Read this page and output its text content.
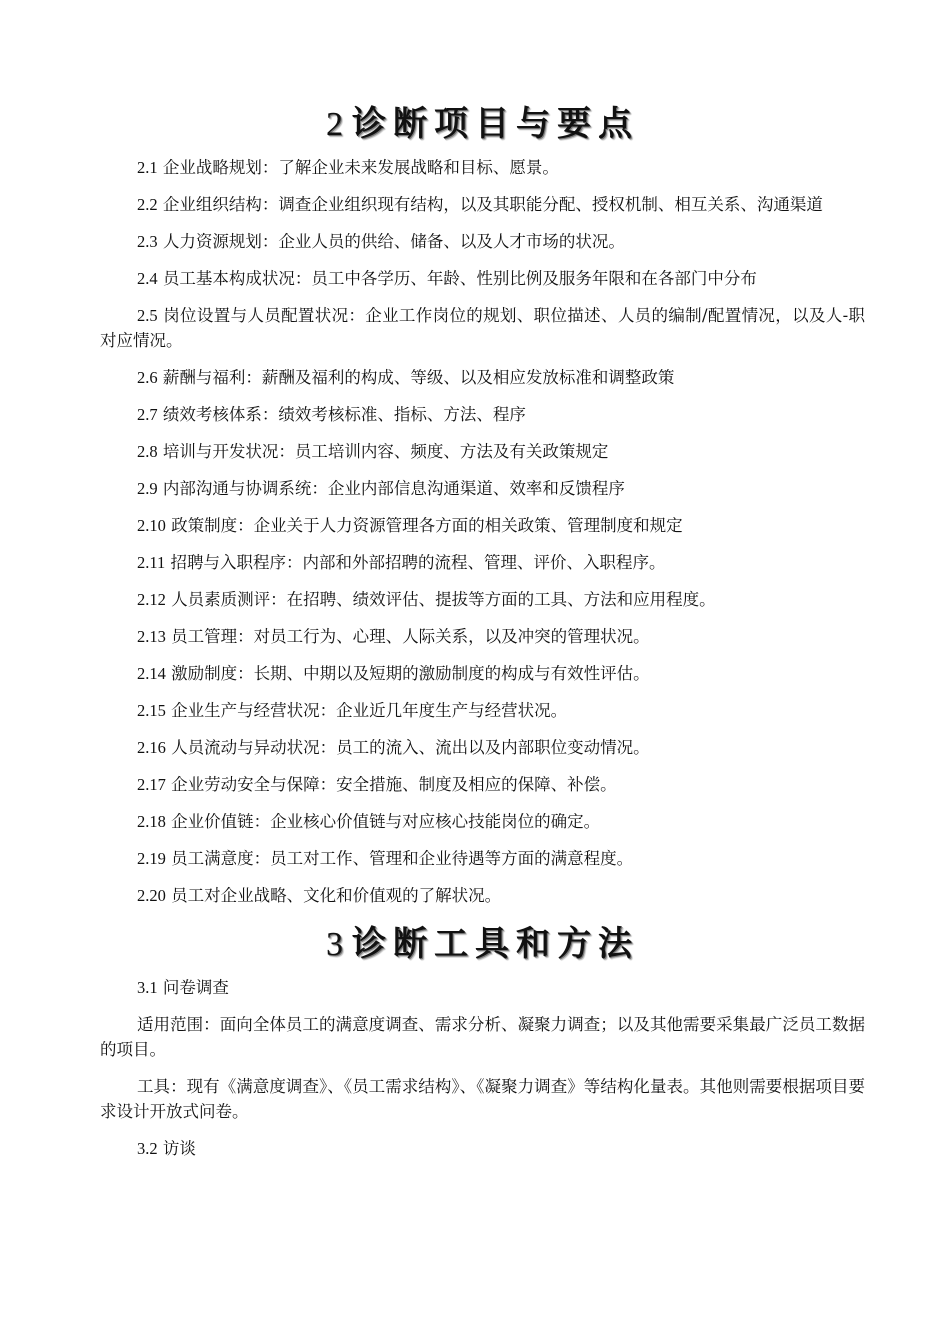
2诊断项目与要点

2.1 企业战略规划：了解企业未来发展战略和目标、愿景。

2.2 企业组织结构：调查企业组织现有结构，以及其职能分配、授权机制、相互关系、沟通渠道

2.3 人力资源规划：企业人员的供给、储备、以及人才市场的状况。

2.4 员工基本构成状况：员工中各学历、年龄、性别比例及服务年限和在各部门中分布

2.5 岗位设置与人员配置状况：企业工作岗位的规划、职位描述、人员的编制/配置情况，以及人-职对应情况。

2.6 薪酬与福利：薪酬及福利的构成、等级、以及相应发放标准和调整政策

2.7 绩效考核体系：绩效考核标准、指标、方法、程序

2.8 培训与开发状况：员工培训内容、频度、方法及有关政策规定

2.9 内部沟通与协调系统：企业内部信息沟通渠道、效率和反馈程序

2.10 政策制度：企业关于人力资源管理各方面的相关政策、管理制度和规定

2.11 招聘与入职程序：内部和外部招聘的流程、管理、评价、入职程序。

2.12 人员素质测评：在招聘、绩效评估、提拔等方面的工具、方法和应用程度。

2.13 员工管理：对员工行为、心理、人际关系，以及冲突的管理状况。

2.14 激励制度：长期、中期以及短期的激励制度的构成与有效性评估。

2.15 企业生产与经营状况：企业近几年度生产与经营状况。

2.16 人员流动与异动状况：员工的流入、流出以及内部职位变动情况。

2.17 企业劳动安全与保障：安全措施、制度及相应的保障、补偿。

2.18 企业价值链：企业核心价值链与对应核心技能岗位的确定。

2.19 员工满意度：员工对工作、管理和企业待遇等方面的满意程度。

2.20 员工对企业战略、文化和价值观的了解状况。

3诊断工具和方法

3.1 问卷调查

适用范围：面向全体员工的满意度调查、需求分析、凝聚力调查；以及其他需要采集最广泛员工数据的项目。

工具：现有《满意度调查》、《员工需求结构》、《凝聚力调查》等结构化量表。其他则需要根据项目要求设计开放式问卷。

3.2 访谈
